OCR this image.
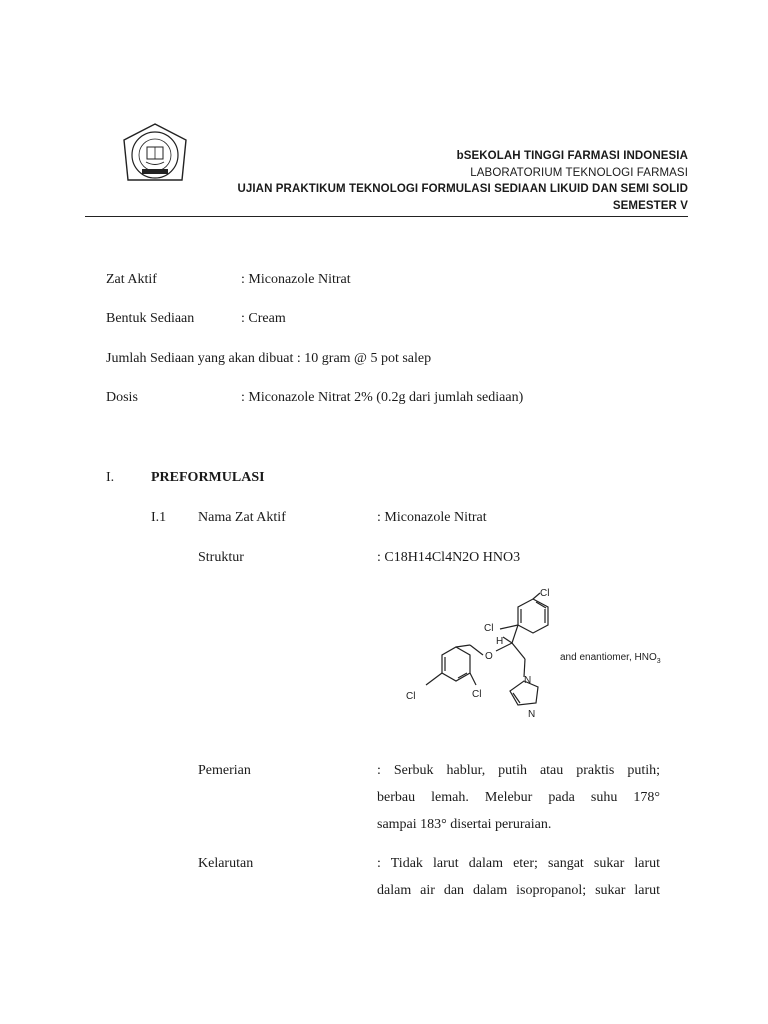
bSEKOLAH TINGGI FARMASI INDONESIA
LABORATORIUM TEKNOLOGI FARMASI
UJIAN PRAKTIKUM TEKNOLOGI FORMULASI SEDIAAN LIKUID DAN SEMI SOLID
SEMESTER V
Zat Aktif	: Miconazole Nitrat
Bentuk Sediaan	: Cream
Jumlah Sediaan yang akan dibuat : 10 gram @ 5 pot salep
Dosis	: Miconazole Nitrat 2% (0.2g dari jumlah sediaan)
I.	PREFORMULASI
I.1 Nama Zat Aktif	: Miconazole Nitrat
Struktur	: C18H14Cl4N2O HNO3
Cl
Cl
H
O
Cl	Cl
N
N
and enantiomer, $HNO_3$
Pemerian	: Serbuk hablur, putih atau praktis putih;
berbau lemah. Melebur pada suhu 178°
sampai 183° disertai peruraian.
Kelarutan	: Tidak larut dalam eter; sangat sukar larut
dalam air dan dalam isopropanol; sukar larut
